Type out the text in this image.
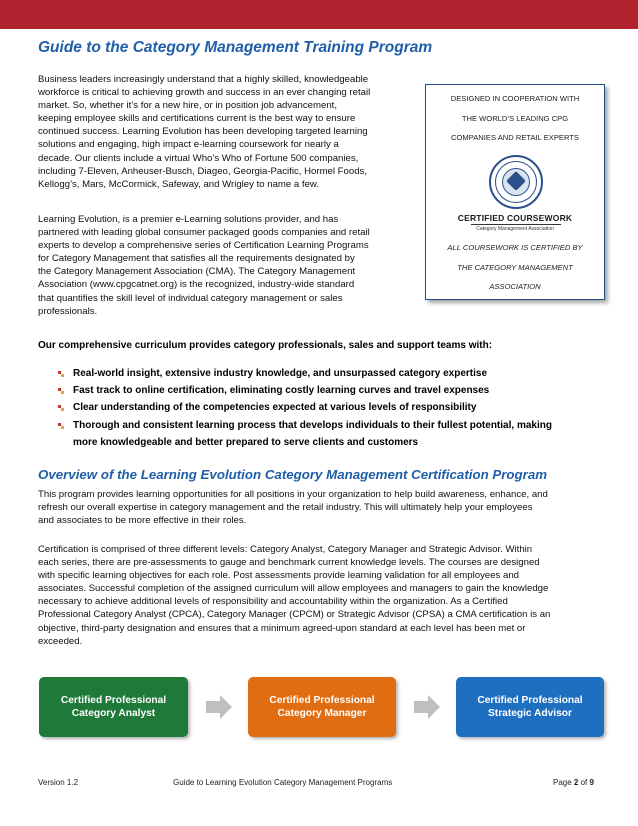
Guide to the Category Management Training Program
Business leaders increasingly understand that a highly skilled, knowledgeable
workforce is critical to achieving growth and success in an ever changing retail
market. So, whether it’s for a new hire, or in position job advancement,
keeping employee skills and certifications current is the best way to ensure
continued success. Learning Evolution has been developing targeted learning
solutions and engaging, high impact e-learning coursework for nearly a
decade. Our clients include a virtual Who’s Who of Fortune 500 companies,
including 7-Eleven, Anheuser-Busch, Diageo, Georgia-Pacific, Hormel Foods,
Kellogg’s, Mars, McCormick, Safeway, and Wrigley to name a few.
Learning Evolution, is a premier e-Learning solutions provider, and has
partnered with leading global consumer packaged goods companies and retail
experts to develop a comprehensive series of Certification Learning Programs
for Category Management that satisfies all the requirements designated by
the Category Management Association (CMA). The Category Management
Association (www.cpgcatnet.org) is the recognized, industry-wide standard
that quantifies the skill level of individual category management or sales
professionals.
DESIGNED IN COOPERATION WITH
THE WORLD’S LEADING CPG
COMPANIES AND RETAIL EXPERTS
CERTIFIED COURSEWORK
Category Management Association
ALL COURSEWORK IS CERTIFIED BY
THE CATEGORY MANAGEMENT
ASSOCIATION
Our comprehensive curriculum provides category professionals, sales and support teams with:
Real-world insight, extensive industry knowledge, and unsurpassed category expertise
Fast track to online certification, eliminating costly learning curves and travel expenses
Clear understanding of the competencies expected at various levels of responsibility
Thorough and consistent learning process that develops individuals to their fullest potential, making
more knowledgeable and better prepared to serve clients and customers
Overview of the Learning Evolution Category Management Certification Program
This program provides learning opportunities for all positions in your organization to help build awareness, enhance, and
refresh our overall expertise in category management and the retail industry. This will ultimately help your employees
and associates to be more effective in their roles.
Certification is comprised of three different levels: Category Analyst, Category Manager and Strategic Advisor. Within
each series, there are pre-assessments to gauge and benchmark current knowledge levels. The courses are designed
with specific learning objectives for each role. Post assessments provide learning validation for all employees and
associates. Successful completion of the assigned curriculum will allow employees and managers to gain the knowledge
necessary to achieve additional levels of responsibility and accountability within the organization. As a Certified
Professional Category Analyst (CPCA), Category Manager (CPCM) or Strategic Advisor (CPSA) a CMA certification is an
objective, third-party designation and ensures that a minimum agreed-upon standard at each level has been met or
exceeded.
Certified Professional
Category Analyst
Certified Professional
Category Manager
Certified Professional
Strategic Advisor
Version 1.2	Guide to Learning Evolution Category Management Programs	Page 2 of 9
